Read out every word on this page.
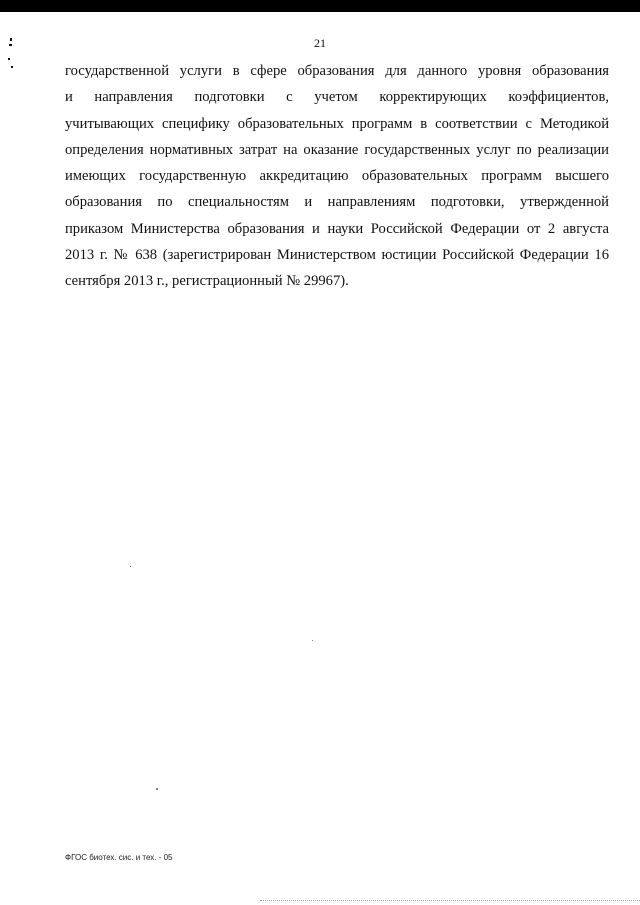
21
государственной услуги в сфере образования для данного уровня образования
и направления подготовки с учетом корректирующих коэффициентов,
учитывающих специфику образовательных программ в соответствии с Методикой
определения нормативных затрат на оказание государственных услуг по реализации
имеющих государственную аккредитацию образовательных программ высшего
образования по специальностям и направлениям подготовки, утвержденной
приказом Министерства образования и науки Российской Федерации от 2 августа
2013 г. № 638 (зарегистрирован Министерством юстиции Российской Федерации 16
сентября 2013 г., регистрационный № 29967).
ФГОС биотех. сис. и тех. - 05
